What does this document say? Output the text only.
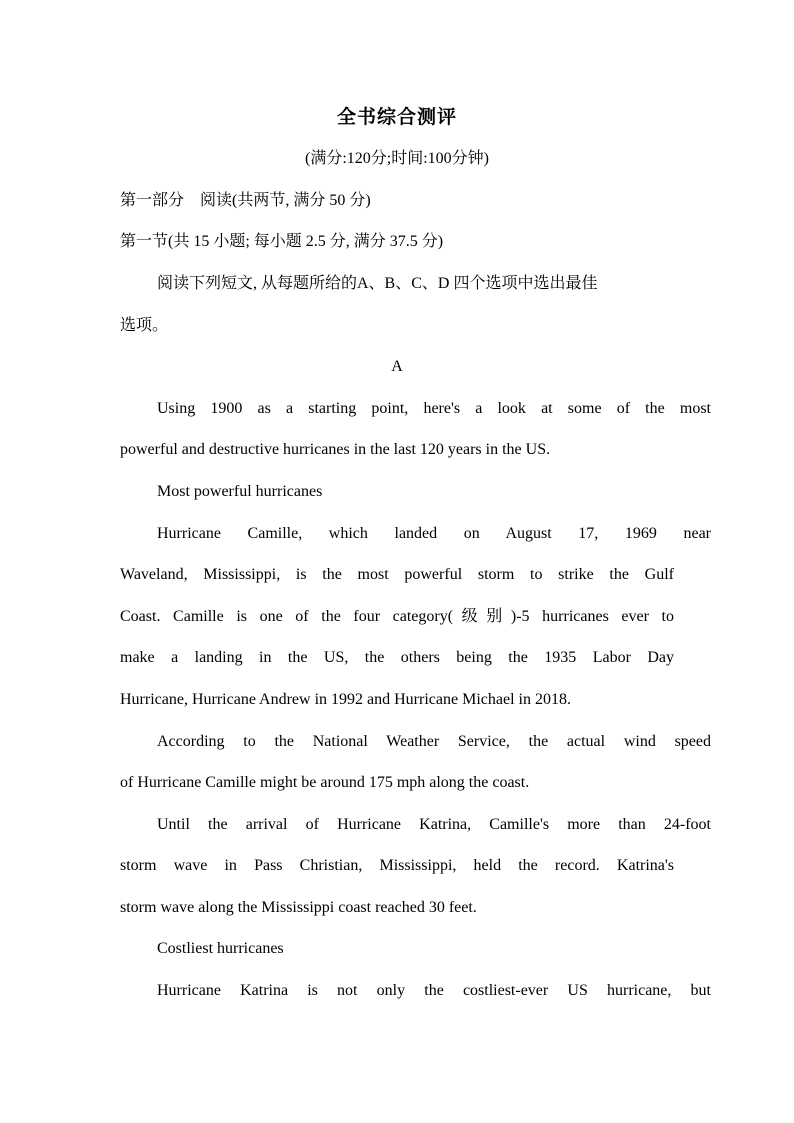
全书综合测评
(满分:120分;时间:100分钟)
第一部分 阅读(共两节, 满分 50 分)
第一节(共 15 小题; 每小题 2.5 分, 满分 37.5 分)
阅读下列短文, 从每题所给的A、B、C、D 四个选项中选出最佳
选项。
A
Using 1900 as a starting point, here's a look at some of the most
powerful and destructive hurricanes in the last 120 years in the US.
Most powerful hurricanes
Hurricane Camille, which landed on August 17, 1969 near
Waveland, Mississippi, is the most powerful storm to strike the Gulf
Coast. Camille is one of the four category(级别)-5 hurricanes ever to
make a landing in the US, the others being the 1935 Labor Day
Hurricane, Hurricane Andrew in 1992 and Hurricane Michael in 2018.
According to the National Weather Service, the actual wind speed
of Hurricane Camille might be around 175 mph along the coast.
Until the arrival of Hurricane Katrina, Camille's more than 24-foot
storm wave in Pass Christian, Mississippi, held the record. Katrina's
storm wave along the Mississippi coast reached 30 feet.
Costliest hurricanes
Hurricane Katrina is not only the costliest-ever US hurricane, but
